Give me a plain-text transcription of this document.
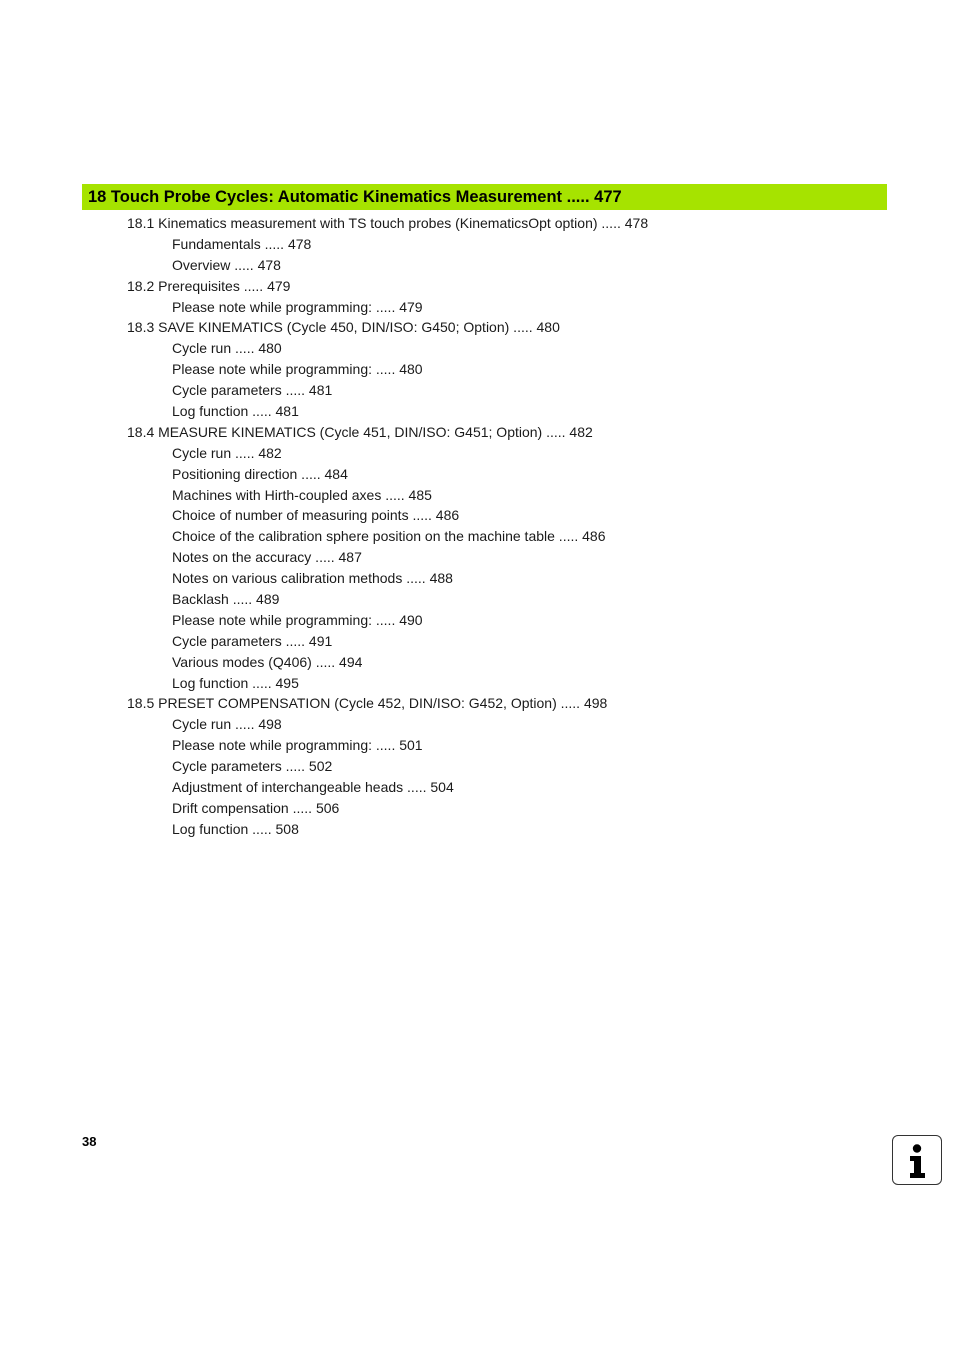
18 Touch Probe Cycles: Automatic Kinematics Measurement ..... 477
18.1 Kinematics measurement with TS touch probes (KinematicsOpt option) ..... 478
Fundamentals ..... 478
Overview ..... 478
18.2 Prerequisites ..... 479
Please note while programming: ..... 479
18.3 SAVE KINEMATICS (Cycle 450, DIN/ISO: G450; Option) ..... 480
Cycle run ..... 480
Please note while programming: ..... 480
Cycle parameters ..... 481
Log function ..... 481
18.4 MEASURE KINEMATICS (Cycle 451, DIN/ISO: G451; Option) ..... 482
Cycle run ..... 482
Positioning direction ..... 484
Machines with Hirth-coupled axes ..... 485
Choice of number of measuring points ..... 486
Choice of the calibration sphere position on the machine table ..... 486
Notes on the accuracy ..... 487
Notes on various calibration methods ..... 488
Backlash ..... 489
Please note while programming: ..... 490
Cycle parameters ..... 491
Various modes (Q406) ..... 494
Log function ..... 495
18.5 PRESET COMPENSATION (Cycle 452, DIN/ISO: G452, Option) ..... 498
Cycle run ..... 498
Please note while programming: ..... 501
Cycle parameters ..... 502
Adjustment of interchangeable heads ..... 504
Drift compensation ..... 506
Log function ..... 508
38
